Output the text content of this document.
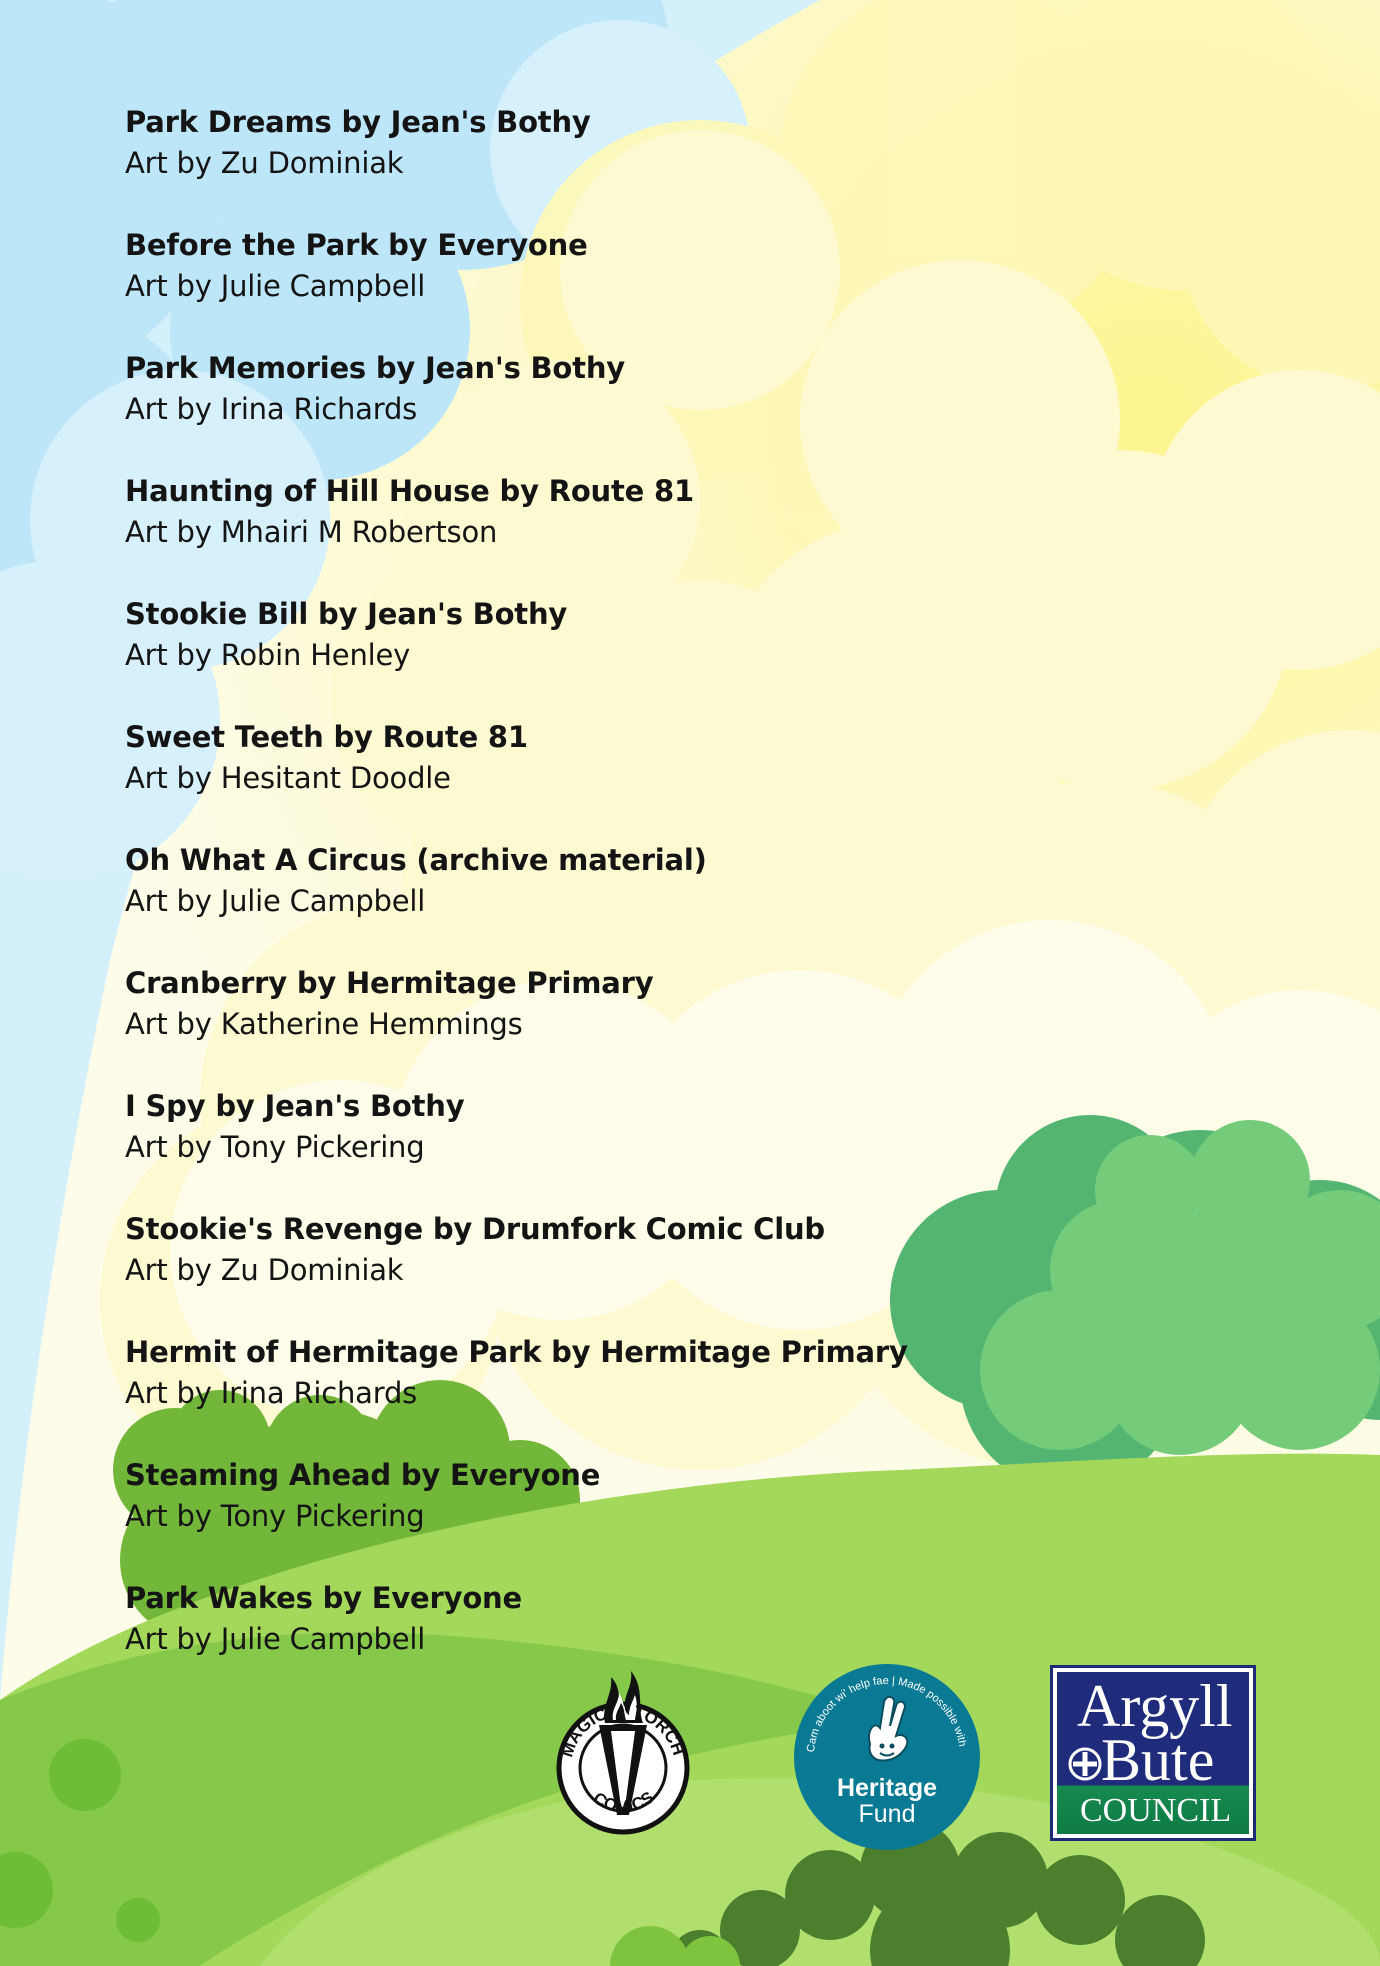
Park Dreams by Jean's Bothy
Art by Zu Dominiak
Before the Park by Everyone
Art by Julie Campbell
Park Memories by Jean's Bothy
Art by Irina Richards
Haunting of Hill House by Route 81
Art by Mhairi M Robertson
Stookie Bill by Jean's Bothy
Art by Robin Henley
Sweet Teeth by Route 81
Art by Hesitant Doodle
Oh What A Circus (archive material)
Art by Julie Campbell
Cranberry by Hermitage Primary
Art by Katherine Hemmings
I Spy by Jean's Bothy
Art by Tony Pickering
Stookie's Revenge by Drumfork Comic Club
Art by Zu Dominiak
Hermit of Hermitage Park by Hermitage Primary
Art by Irina Richards
Steaming Ahead by Everyone
Art by Tony Pickering
Park Wakes by Everyone
Art by Julie Campbell
MAGIC TORCH
COMICS
Cam aboot wi' help fae | Made possible with
Heritage
Fund
Argyll
Bute
COUNCIL
